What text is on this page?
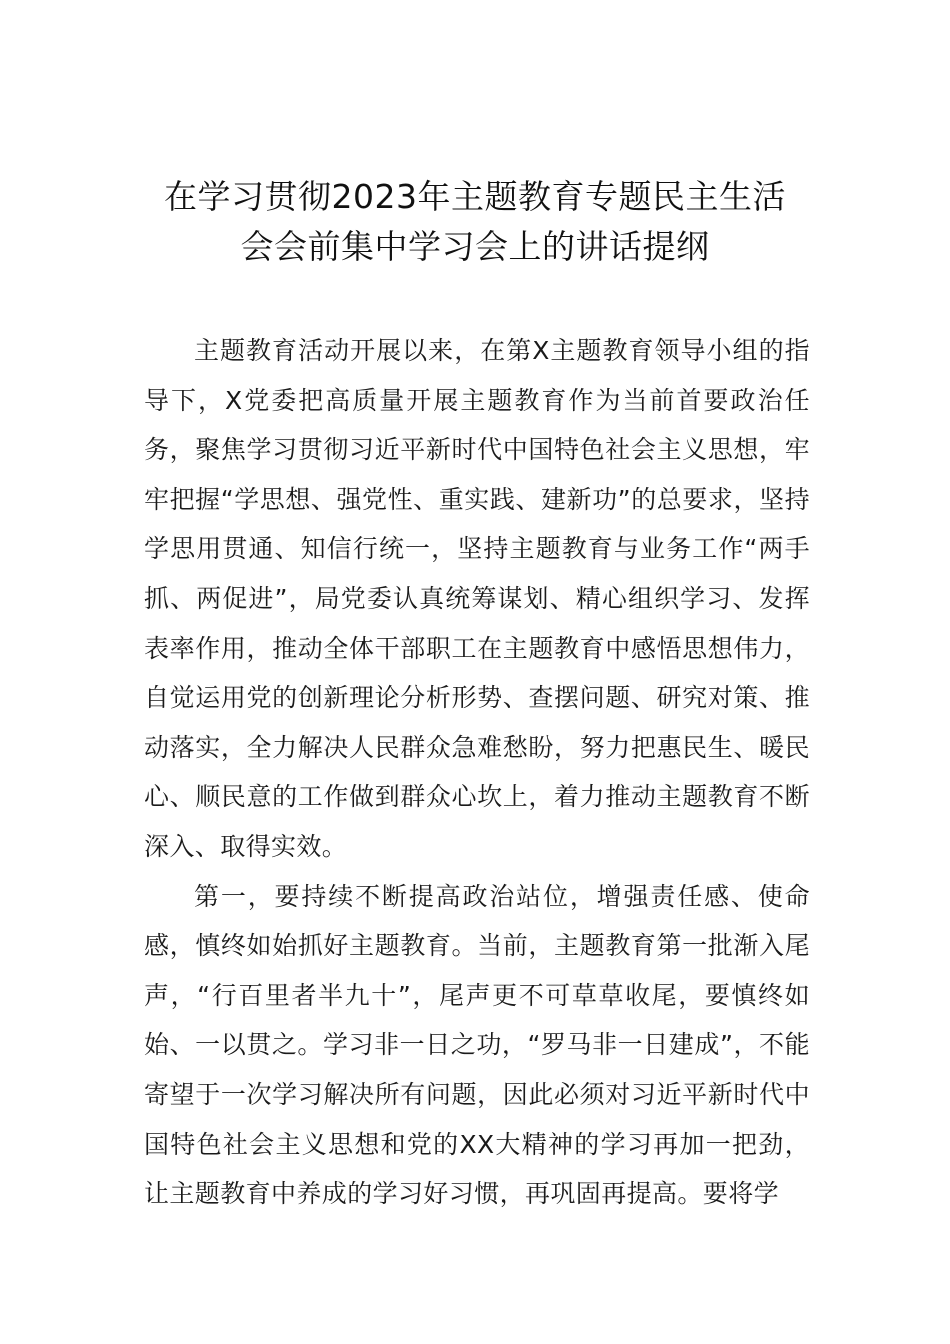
在学习贯彻2023年主题教育专题民主生活
会会前集中学习会上的讲话提纲

主题教育活动开展以来，在第X主题教育领导小组的指导下，X党委把高质量开展主题教育作为当前首要政治任务，聚焦学习贯彻习近平新时代中国特色社会主义思想，牢牢把握“学思想、强党性、重实践、建新功”的总要求，坚持学思用贯通、知信行统一，坚持主题教育与业务工作“两手抓、两促进”，局党委认真统筹谋划、精心组织学习、发挥表率作用，推动全体干部职工在主题教育中感悟思想伟力，自觉运用党的创新理论分析形势、查摆问题、研究对策、推动落实，全力解决人民群众急难愁盼，努力把惠民生、暖民心、顺民意的工作做到群众心坎上，着力推动主题教育不断深入、取得实效。

第一，要持续不断提高政治站位，增强责任感、使命感，慎终如始抓好主题教育。当前，主题教育第一批渐入尾声，“行百里者半九十”，尾声更不可草草收尾，要慎终如始、一以贯之。学习非一日之功，“罗马非一日建成”，不能寄望于一次学习解决所有问题，因此必须对习近平新时代中国特色社会主义思想和党的XX大精神的学习再加一把劲，让主题教育中养成的学习好习惯，再巩固再提高。要将学
